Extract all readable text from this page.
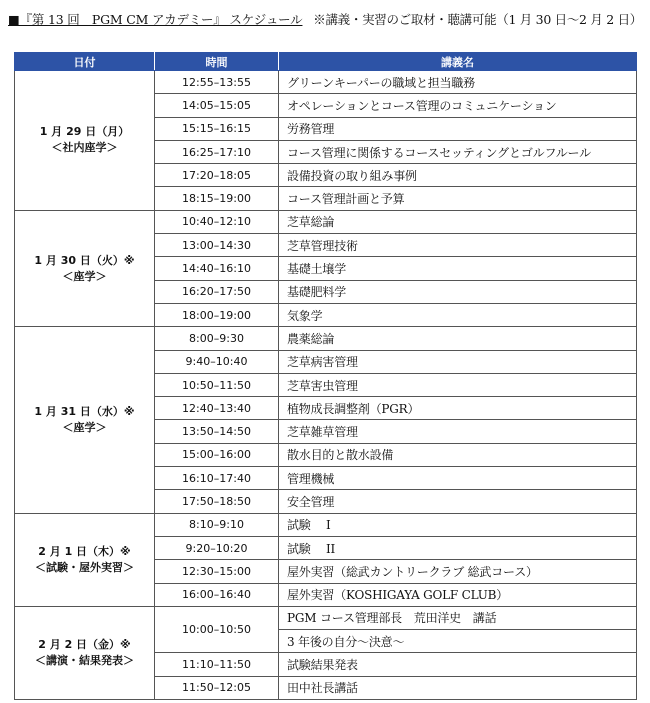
■『第 13 回　PGM CM アカデミー』 スケジュール ※講義・実習のご取材・聴講可能（1 月 30 日～2 月 2 日）
日付	時間	講義名

1 月 29 日（月）
＜社内座学＞	12:55–13:55	グリーンキーパーの職域と担当職務
	14:05–15:05	オペレーションとコース管理のコミュニケーション
	15:15–16:15	労務管理
	16:25–17:10	コース管理に関係するコースセッティングとゴルフルール
	17:20–18:05	設備投資の取り組み事例
	18:15–19:00	コース管理計画と予算

1 月 30 日（火）※
＜座学＞	10:40–12:10	芝草総論
	13:00–14:30	芝草管理技術
	14:40–16:10	基礎土壌学
	16:20–17:50	基礎肥料学
	18:00–19:00	気象学

1 月 31 日（水）※
＜座学＞	8:00–9:30	農薬総論
	9:40–10:40	芝草病害管理
	10:50–11:50	芝草害虫管理
	12:40–13:40	植物成長調整剤（PGR）
	13:50–14:50	芝草雑草管理
	15:00–16:00	散水目的と散水設備
	16:10–17:40	管理機械
	17:50–18:50	安全管理

2 月 1 日（木）※
＜試験・屋外実習＞	8:10–9:10	試験　 I
	9:20–10:20	試験　 II
	12:30–15:00	屋外実習（総武カントリークラブ 総武コース）
	16:00–16:40	屋外実習（KOSHIGAYA GOLF CLUB）

2 月 2 日（金）※
＜講演・結果発表＞	10:00–10:50	PGM コース管理部長　荒田洋史　講話
		3 年後の自分～決意～
	11:10–11:50	試験結果発表
	11:50–12:05	田中社長講話
